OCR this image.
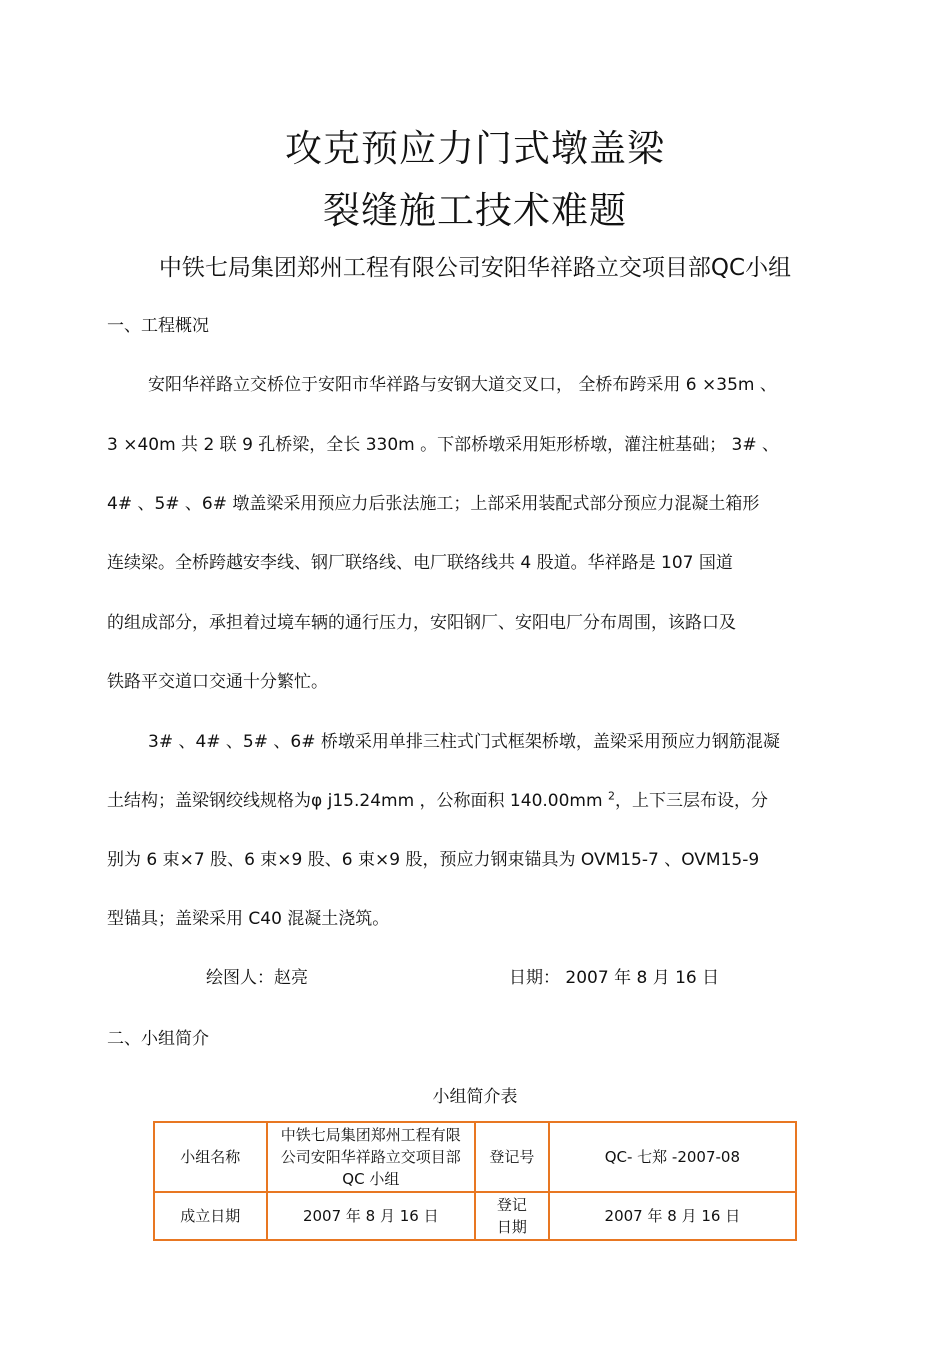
攻克预应力门式墩盖梁
裂缝施工技术难题
中铁七局集团郑州工程有限公司安阳华祥路立交项目部QC小组
一、工程概况
安阳华祥路立交桥位于安阳市华祥路与安钢大道交叉口， 全桥布跨采用 6 ×35m 、
3 ×40m 共 2 联 9 孔桥梁，全长 330m 。下部桥墩采用矩形桥墩，灌注桩基础； 3# 、
4# 、5# 、6# 墩盖梁采用预应力后张法施工；上部采用装配式部分预应力混凝土箱形
连续梁。全桥跨越安李线、钢厂联络线、电厂联络线共 4 股道。华祥路是 107 国道
的组成部分，承担着过境车辆的通行压力，安阳钢厂、安阳电厂分布周围，该路口及
铁路平交道口交通十分繁忙。
3# 、4# 、5# 、6# 桥墩采用单排三柱式门式框架桥墩，盖梁采用预应力钢筋混凝
土结构；盖梁钢绞线规格为φ j15.24mm ，公称面积 140.00mm $^2$，上下三层布设，分
别为 6 束×7 股、6 束×9 股、6 束×9 股，预应力钢束锚具为 OVM15-7 、OVM15-9
型锚具；盖梁采用 C40 混凝土浇筑。
绘图人：赵亮	日期： 2007 年 8 月 16 日
二、小组简介
小组简介表
小组名称	中铁七局集团郑州工程有限
公司安阳华祥路立交项目部
QC 小组	登记号	QC- 七郑 -2007-08
成立日期	2007 年 8 月 16 日	登记
日期	2007 年 8 月 16 日
